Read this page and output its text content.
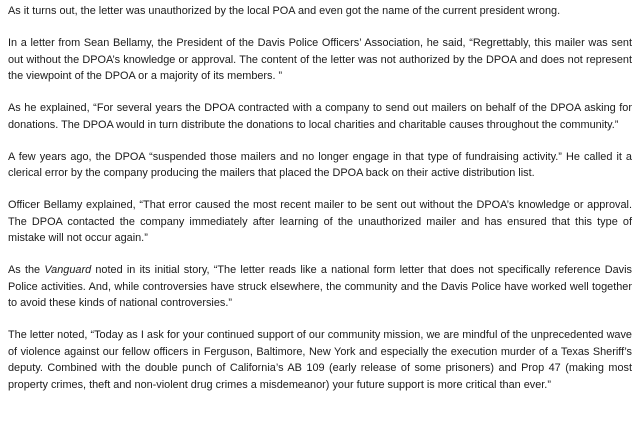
As it turns out, the letter was unauthorized by the local POA and even got the name of the current president wrong.

In a letter from Sean Bellamy, the President of the Davis Police Officers’ Association, he said, “Regrettably, this mailer was sent out without the DPOA’s knowledge or approval. The content of the letter was not authorized by the DPOA and does not represent the viewpoint of the DPOA or a majority of its members. ”

As he explained, “For several years the DPOA contracted with a company to send out mailers on behalf of the DPOA asking for donations. The DPOA would in turn distribute the donations to local charities and charitable causes throughout the community.”

A few years ago, the DPOA “suspended those mailers and no longer engage in that type of fundraising activity.” He called it a clerical error by the company producing the mailers that placed the DPOA back on their active distribution list.

Officer Bellamy explained, “That error caused the most recent mailer to be sent out without the DPOA’s knowledge or approval. The DPOA contacted the company immediately after learning of the unauthorized mailer and has ensured that this type of mistake will not occur again.”

As the Vanguard noted in its initial story, “The letter reads like a national form letter that does not specifically reference Davis Police activities. And, while controversies have struck elsewhere, the community and the Davis Police have worked well together to avoid these kinds of national controversies.”

The letter noted, “Today as I ask for your continued support of our community mission, we are mindful of the unprecedented wave of violence against our fellow officers in Ferguson, Baltimore, New York and especially the execution murder of a Texas Sheriff’s deputy. Combined with the double punch of California’s AB 109 (early release of some prisoners) and Prop 47 (making most property crimes, theft and non-violent drug crimes a misdemeanor) your future support is more critical than ever.”
